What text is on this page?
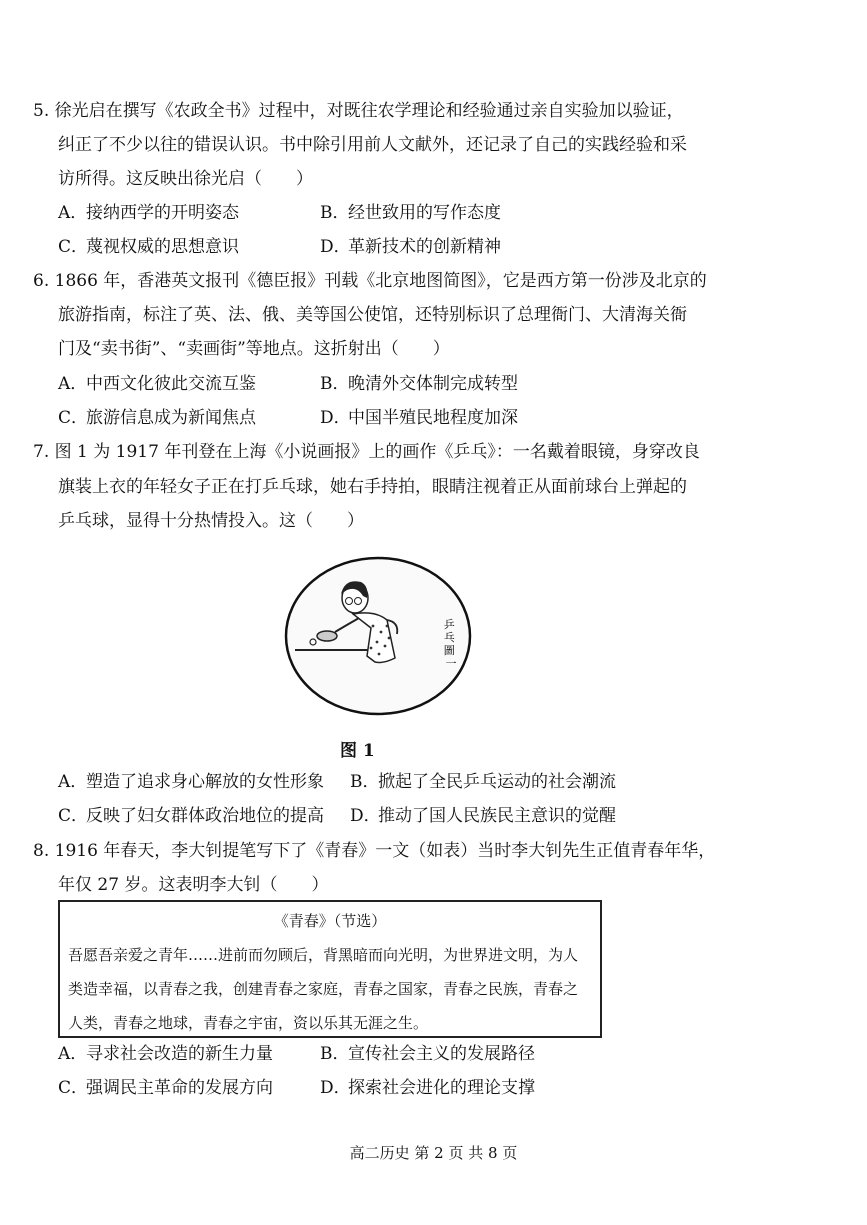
5. 徐光启在撰写《农政全书》过程中，对既往农学理论和经验通过亲自实验加以验证，
纠正了不少以往的错误认识。书中除引用前人文献外，还记录了自己的实践经验和采
访所得。这反映出徐光启（　　）
A．接纳西学的开明姿态	B．经世致用的写作态度
C．蔑视权威的思想意识	D．革新技术的创新精神
6. 1866 年，香港英文报刊《德臣报》刊载《北京地图简图》，它是西方第一份涉及北京的
旅游指南，标注了英、法、俄、美等国公使馆，还特别标识了总理衙门、大清海关衙
门及“卖书街”、“卖画街”等地点。这折射出（　　）
A．中西文化彼此交流互鉴	B．晚清外交体制完成转型
C．旅游信息成为新闻焦点	D．中国半殖民地程度加深
7. 图 1 为 1917 年刊登在上海《小说画报》上的画作《乒乓》：一名戴着眼镜，身穿改良
旗装上衣的年轻女子正在打乒乓球，她右手持拍，眼睛注视着正从面前球台上弹起的
乒乓球，显得十分热情投入。这（　　）
乒 乓 圖 一
图 1
A．塑造了追求身心解放的女性形象 B．掀起了全民乒乓运动的社会潮流
C．反映了妇女群体政治地位的提高 D．推动了国人民族民主意识的觉醒
8. 1916 年春天，李大钊提笔写下了《青春》一文（如表）当时李大钊先生正值青春年华，
年仅 27 岁。这表明李大钊（　　）
《青春》（节选）
吾愿吾亲爱之青年……进前而勿顾后，背黑暗而向光明，为世界进文明，为人
类造幸福，以青春之我，创建青春之家庭，青春之国家，青春之民族，青春之
人类，青春之地球，青春之宇宙，资以乐其无涯之生。
A．寻求社会改造的新生力量	B．宣传社会主义的发展路径
C．强调民主革命的发展方向	D．探索社会进化的理论支撑
高二历史 第 2 页 共 8 页
